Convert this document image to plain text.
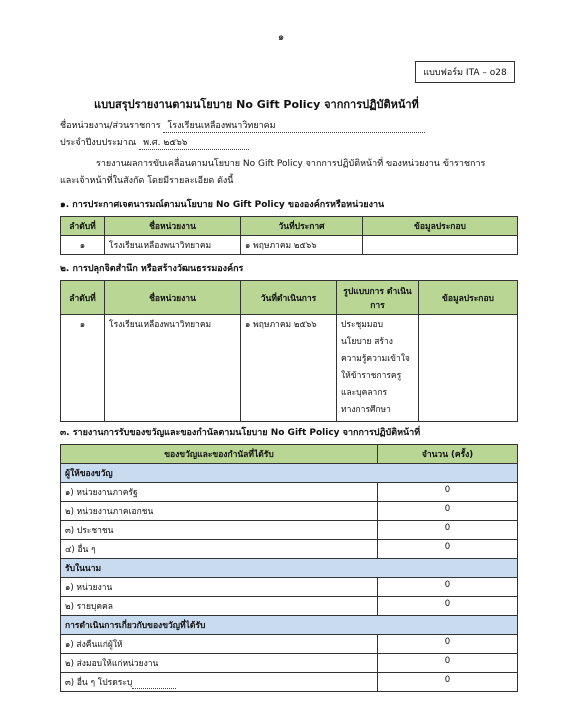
๑
แบบฟอร์ม ITA – o28
แบบสรุปรายงานตามนโยบาย No Gift Policy จากการปฏิบัติหน้าที่
ชื่อหน่วยงาน/ส่วนราชการ โรงเรียนเหลืองพนาวิทยาคม
ประจำปีงบประมาณ พ.ศ. ๒๕๖๖
รายงานผลการขับเคลื่อนตามนโยบาย No Gift Policy จากการปฏิบัติหน้าที่ ของหน่วยงาน ข้าราชการ
และเจ้าหน้าที่ในสังกัด โดยมีรายละเอียด ดังนี้
๑. การประกาศเจตนารมณ์ตามนโยบาย No Gift Policy ขององค์กรหรือหน่วยงาน
ลำดับที่	ชื่อหน่วยงาน	วันที่ประกาศ	ข้อมูลประกอบ
๑	โรงเรียนเหลืองพนาวิทยาคม	๑ พฤษภาคม ๒๕๖๖	
๒. การปลุกจิตสำนึก หรือสร้างวัฒนธรรมองค์กร
ลำดับที่	ชื่อหน่วยงาน	วันที่ดำเนินการ	รูปแบบการ ดำเนินการ	ข้อมูลประกอบ
๑	โรงเรียนเหลืองพนาวิทยาคม	๑ พฤษภาคม ๒๕๖๖	ประชุมมอบ นโยบาย สร้าง ความรู้ความเข้าใจ ให้ข้าราชการครู และบุคลากร ทางการศึกษา	
๓. รายงานการรับของขวัญและของกำนัลตามนโยบาย No Gift Policy จากการปฏิบัติหน้าที่
ของขวัญและของกำนัลที่ได้รับ	จำนวน (ครั้ง)
ผู้ให้ของขวัญ	
๑) หน่วยงานภาครัฐ	0
๒) หน่วยงานภาคเอกชน	0
๓) ประชาชน	0
๔) อื่น ๆ	0
รับในนาม	
๑) หน่วยงาน	0
๒) รายบุคคล	0
การดำเนินการเกี่ยวกับของขวัญที่ได้รับ	
๑) ส่งคืนแก่ผู้ให้	0
๒) ส่งมอบให้แก่หน่วยงาน	0
๓) อื่น ๆ โปรดระบุ	0
